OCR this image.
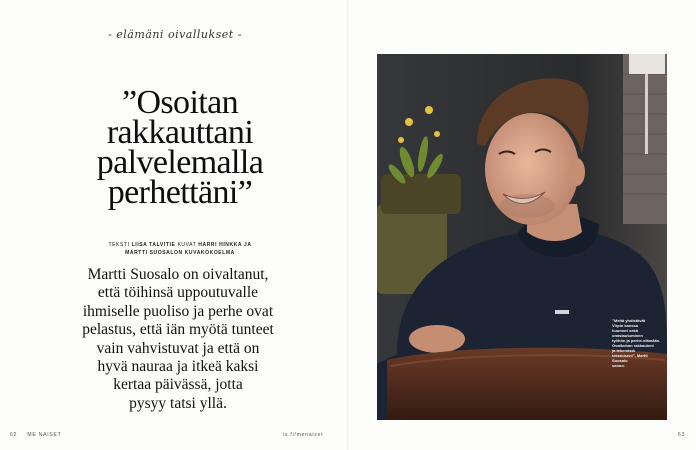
- elämäni oivallukset -
”Osoitan
rakkauttani
palvelemalla
perhettäni”
TEKSTI LIISA TALVITIE KUVAT HARRI HINKKA JA
MARTTI SUOSALON KUVAKOKOELMA

Martti Suosalo on oivaltanut,
että töihinsä uppoutuvalle
ihmiselle puoliso ja perhe ovat
pelastus, että iän myötä tunteet
vain vahvistuvat ja että on
hyvä nauraa ja itkeä kaksi
kertaa päivässä, jotta
pysyy tatsi yllä.

”Meitä yhdistävät
Virpin kanssa
huumori sekä
omistautuminen
työhön ja perhe-elämään.
Ovatkohan rakkauteni
ja tekemistä
tekemiseni”, Martti
Suosalo
sanoo.
62 ME NAISET	is.fi/menaiset	63
